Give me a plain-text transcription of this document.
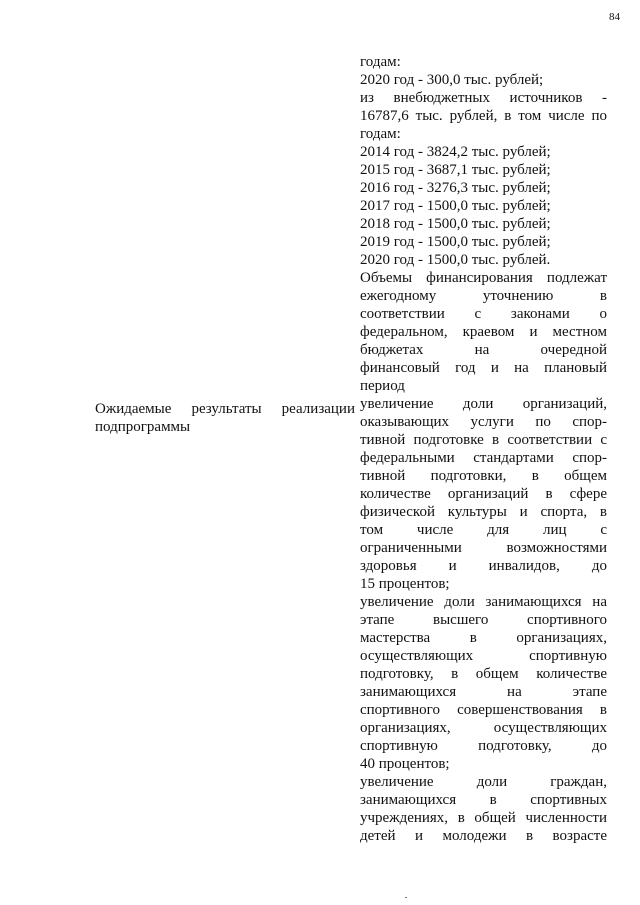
84
Ожидаемые результаты реализации
подпрограммы
годам:
2020 год - 300,0 тыс. рублей;
из внебюджетных источников -
16787,6 тыс. рублей, в том числе по
годам:
2014 год - 3824,2 тыс. рублей;
2015 год - 3687,1 тыс. рублей;
2016 год - 3276,3 тыс. рублей;
2017 год - 1500,0 тыс. рублей;
2018 год - 1500,0 тыс. рублей;
2019 год - 1500,0 тыс. рублей;
2020 год - 1500,0 тыс. рублей.
Объемы финансирования подлежат
ежегодному уточнению в
соответствии с законами о
федеральном, краевом и местном
бюджетах на очередной
финансовый год и на плановый
период
увеличение доли организаций,
оказывающих услуги по спор-
тивной подготовке в соответствии с
федеральными стандартами спор-
тивной подготовки, в общем
количестве организаций в сфере
физической культуры и спорта, в
том числе для лиц с
ограниченными возможностями
здоровья и инвалидов, до
15 процентов;
увеличение доли занимающихся на
этапе высшего спортивного
мастерства в организациях,
осуществляющих спортивную
подготовку, в общем количестве
занимающихся на этапе
спортивного совершенствования в
организациях, осуществляющих
спортивную подготовку, до
40 процентов;
увеличение доли граждан,
занимающихся в спортивных
учреждениях, в общей численности
детей и молодежи в возрасте
